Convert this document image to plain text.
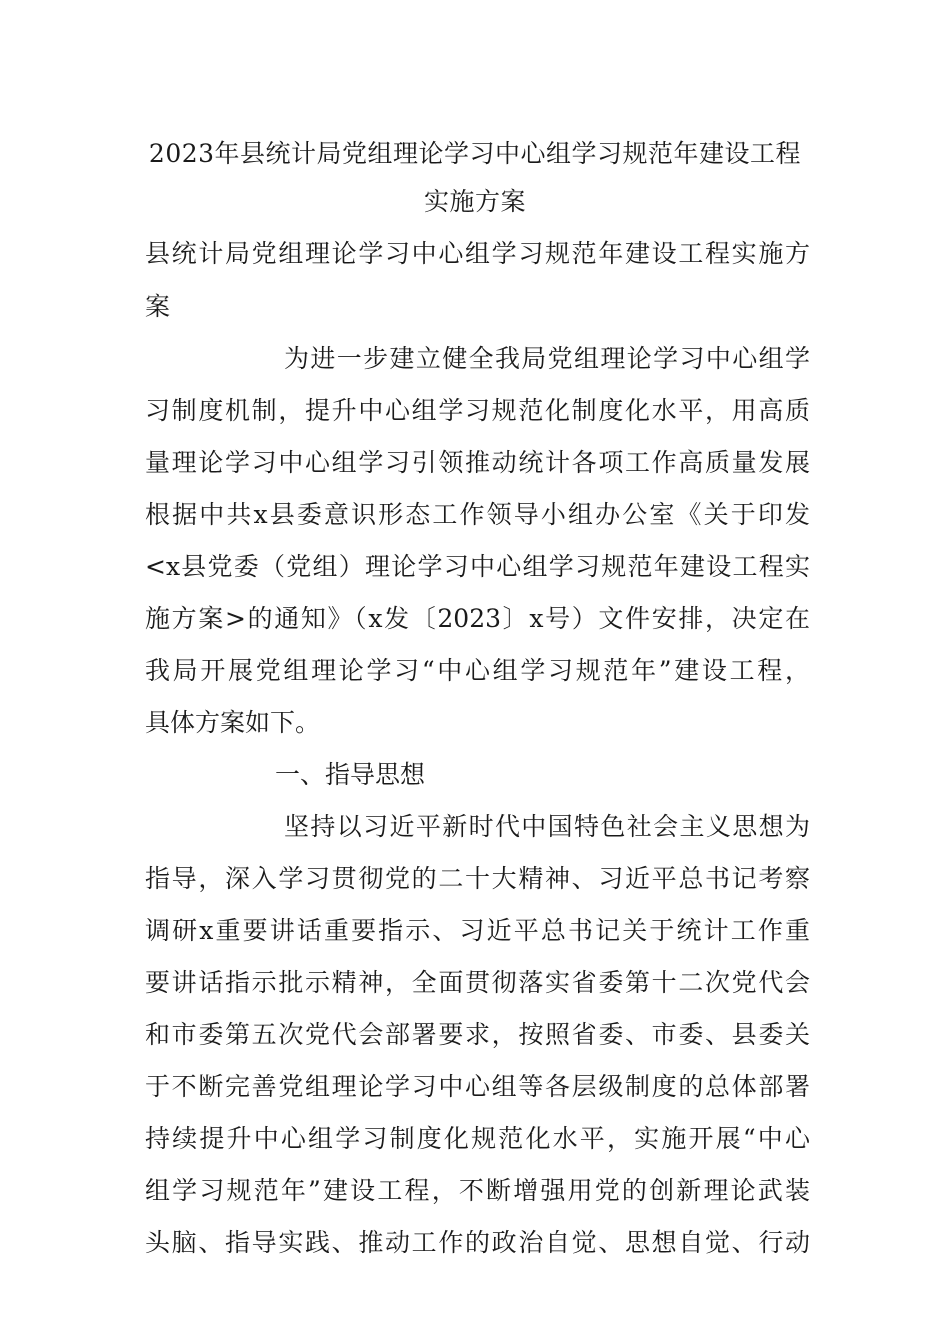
2023年县统计局党组理论学习中心组学习规范年建设工程
实施方案
县统计局党组理论学习中心组学习规范年建设工程实施方
案
为进一步建立健全我局党组理论学习中心组学
习制度机制，提升中心组学习规范化制度化水平，用高质
量理论学习中心组学习引领推动统计各项工作高质量发展
根据中共x县委意识形态工作领导小组办公室《关于印发
<x县党委（党组）理论学习中心组学习规范年建设工程实
施方案>的通知》（x发〔2023〕x号）文件安排，决定在
我局开展党组理论学习“中心组学习规范年”建设工程，
具体方案如下。
一、指导思想
坚持以习近平新时代中国特色社会主义思想为
指导，深入学习贯彻党的二十大精神、习近平总书记考察
调研x重要讲话重要指示、习近平总书记关于统计工作重
要讲话指示批示精神，全面贯彻落实省委第十二次党代会
和市委第五次党代会部署要求，按照省委、市委、县委关
于不断完善党组理论学习中心组等各层级制度的总体部署
持续提升中心组学习制度化规范化水平，实施开展“中心
组学习规范年”建设工程，不断增强用党的创新理论武装
头脑、指导实践、推动工作的政治自觉、思想自觉、行动
